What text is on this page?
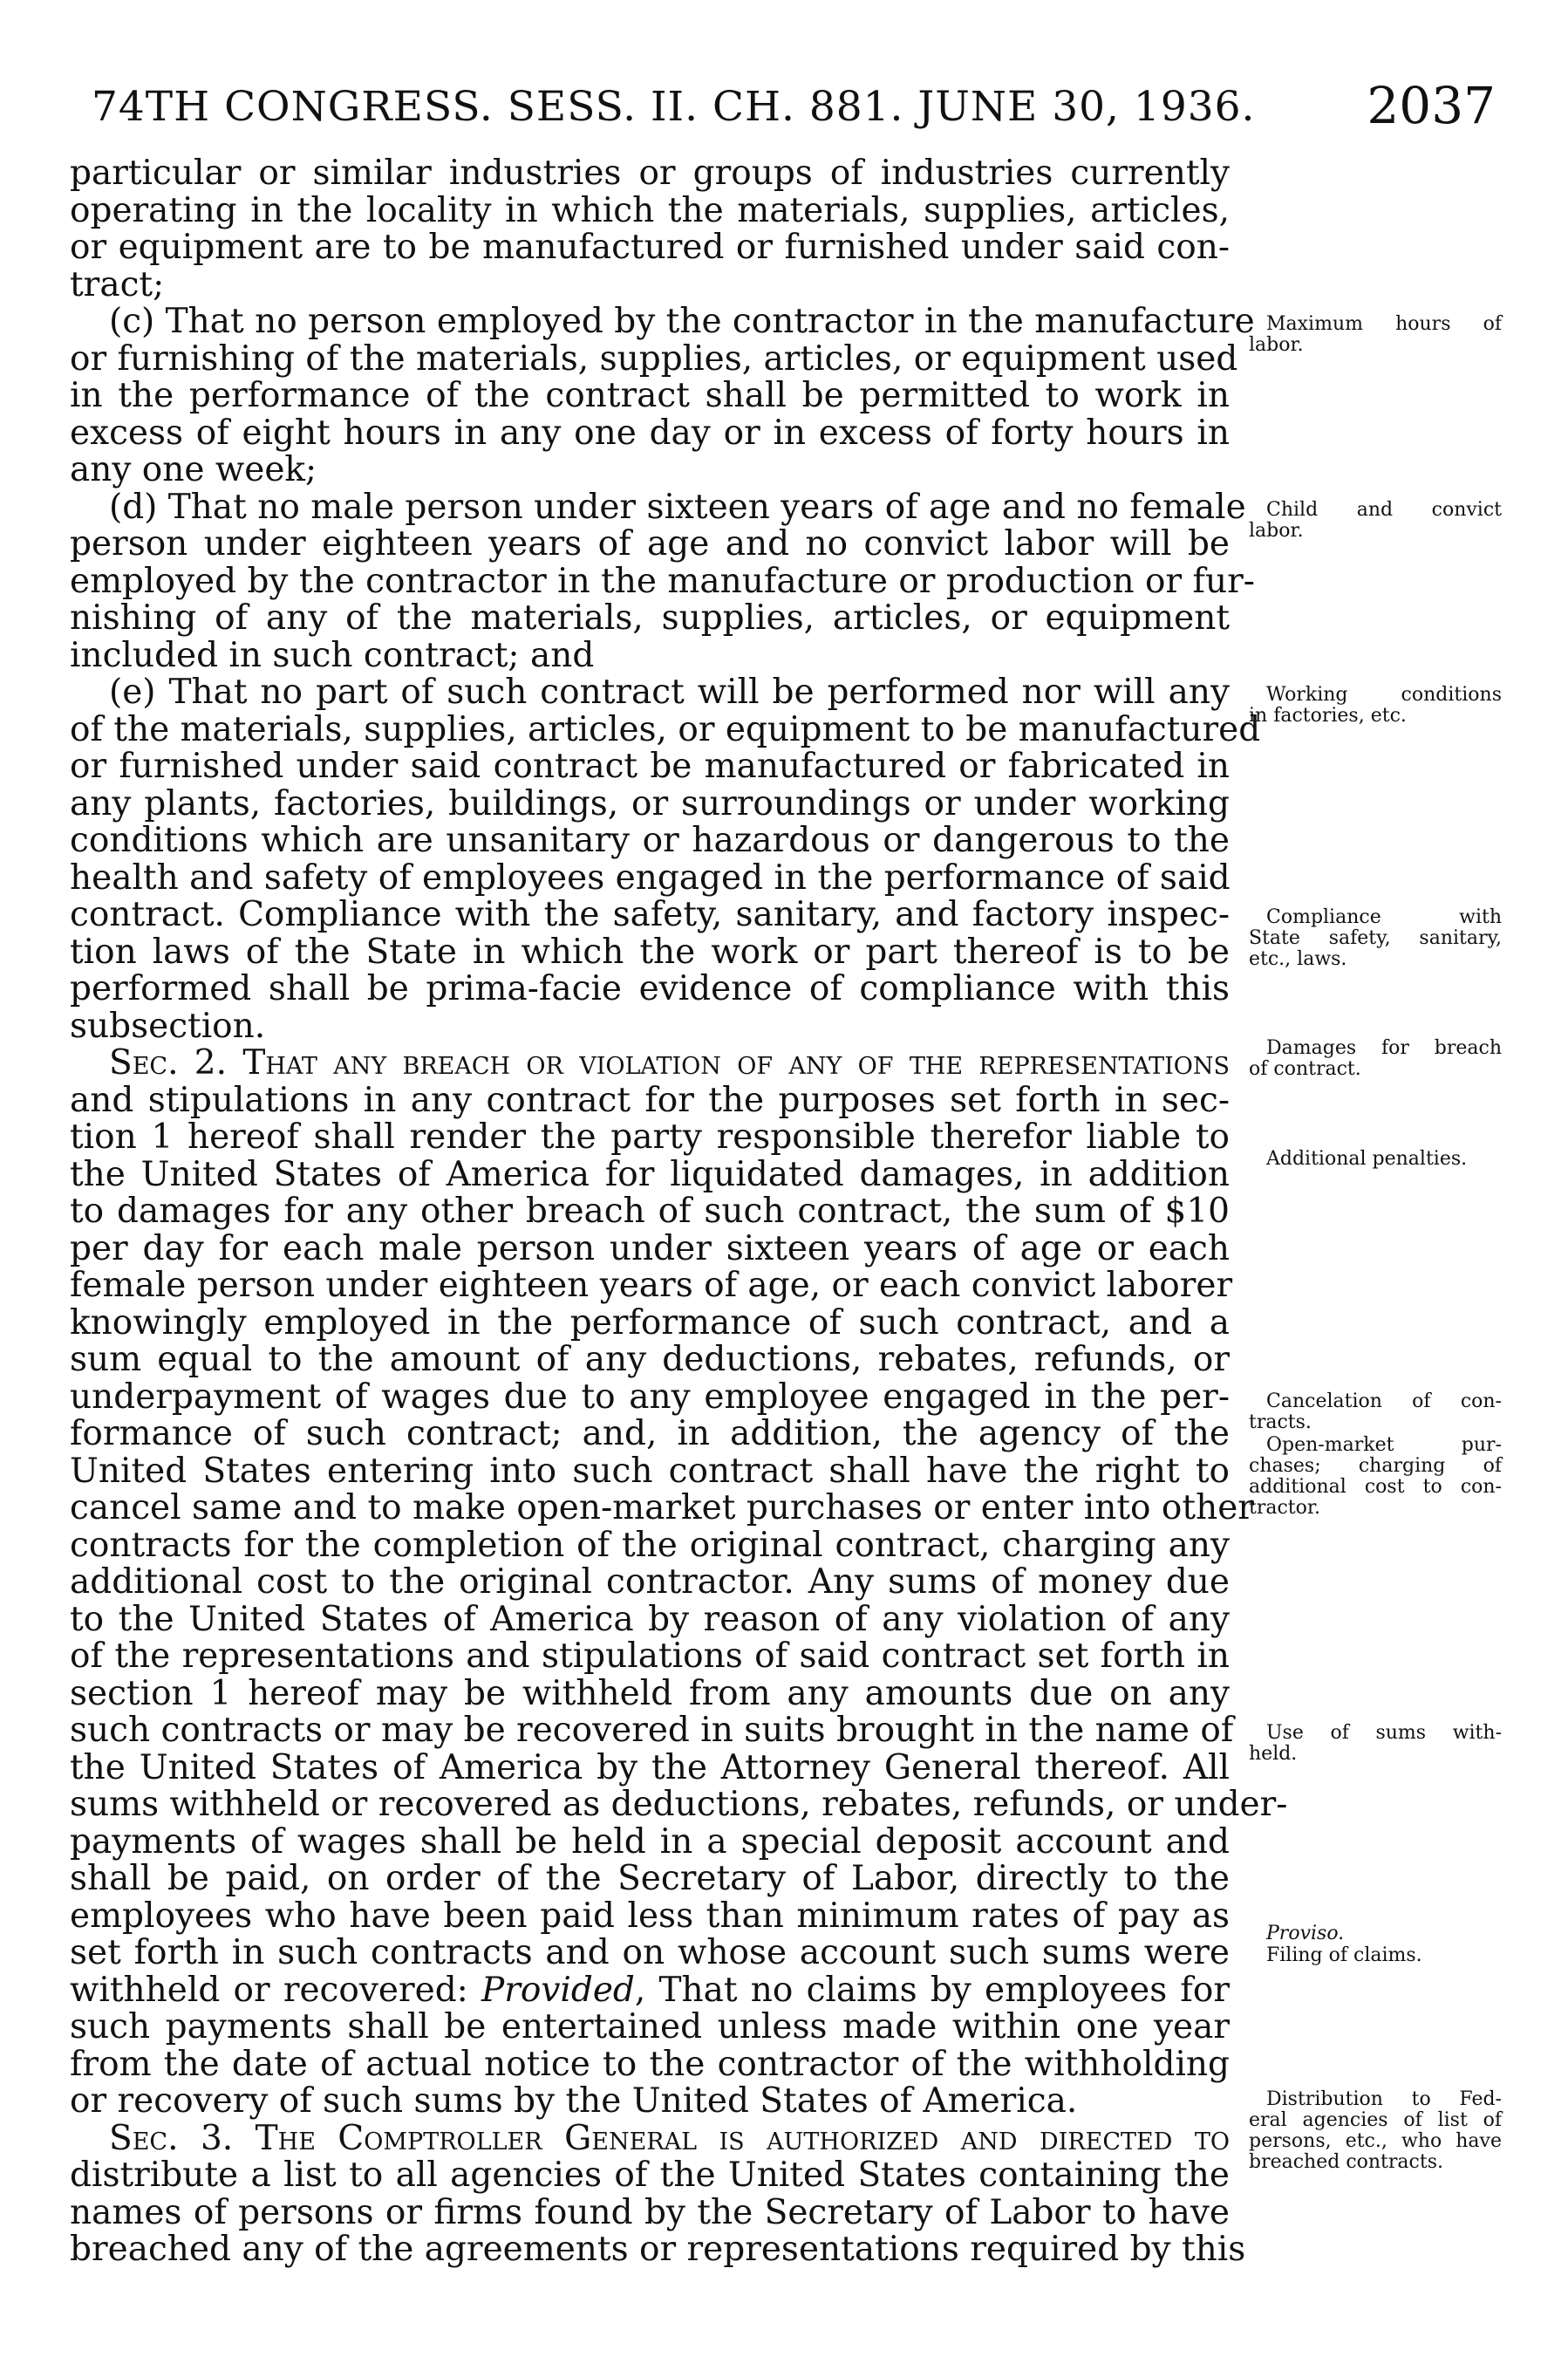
74TH CONGRESS. SESS. II. CH. 881. JUNE 30, 1936. 2037
particular or similar industries or groups of industries currently
operating in the locality in which the materials, supplies, articles,
or equipment are to be manufactured or furnished under said con-
tract;
(c) That no person employed by the contractor in the manufacture
or furnishing of the materials, supplies, articles, or equipment used
in the performance of the contract shall be permitted to work in
excess of eight hours in any one day or in excess of forty hours in
any one week;
(d) That no male person under sixteen years of age and no female
person under eighteen years of age and no convict labor will be
employed by the contractor in the manufacture or production or fur-
nishing of any of the materials, supplies, articles, or equipment
included in such contract; and
(e) That no part of such contract will be performed nor will any
of the materials, supplies, articles, or equipment to be manufactured
or furnished under said contract be manufactured or fabricated in
any plants, factories, buildings, or surroundings or under working
conditions which are unsanitary or hazardous or dangerous to the
health and safety of employees engaged in the performance of said
contract. Compliance with the safety, sanitary, and factory inspec-
tion laws of the State in which the work or part thereof is to be
performed shall be prima-facie evidence of compliance with this
subsection.
Sec. 2. That any breach or violation of any of the representations
and stipulations in any contract for the purposes set forth in sec-
tion 1 hereof shall render the party responsible therefor liable to
the United States of America for liquidated damages, in addition
to damages for any other breach of such contract, the sum of $10
per day for each male person under sixteen years of age or each
female person under eighteen years of age, or each convict laborer
knowingly employed in the performance of such contract, and a
sum equal to the amount of any deductions, rebates, refunds, or
underpayment of wages due to any employee engaged in the per-
formance of such contract; and, in addition, the agency of the
United States entering into such contract shall have the right to
cancel same and to make open-market purchases or enter into other
contracts for the completion of the original contract, charging any
additional cost to the original contractor. Any sums of money due
to the United States of America by reason of any violation of any
of the representations and stipulations of said contract set forth in
section 1 hereof may be withheld from any amounts due on any
such contracts or may be recovered in suits brought in the name of
the United States of America by the Attorney General thereof. All
sums withheld or recovered as deductions, rebates, refunds, or under-
payments of wages shall be held in a special deposit account and
shall be paid, on order of the Secretary of Labor, directly to the
employees who have been paid less than minimum rates of pay as
set forth in such contracts and on whose account such sums were
withheld or recovered: Provided, That no claims by employees for
such payments shall be entertained unless made within one year
from the date of actual notice to the contractor of the withholding
or recovery of such sums by the United States of America.
Sec. 3. The Comptroller General is authorized and directed to
distribute a list to all agencies of the United States containing the
names of persons or firms found by the Secretary of Labor to have
breached any of the agreements or representations required by this
Maximum hours of
labor.
Child and convict
labor.
Working conditions
in factories, etc.
Compliance with
State safety, sanitary,
etc., laws.
Damages for breach
of contract.
Additional penalties.
Cancelation of con-
tracts.
Open-market pur-
chases; charging of
additional cost to con-
tractor.
Use of sums with-
held.
Proviso.
Filing of claims.
Distribution to Fed-
eral agencies of list of
persons, etc., who have
breached contracts.
